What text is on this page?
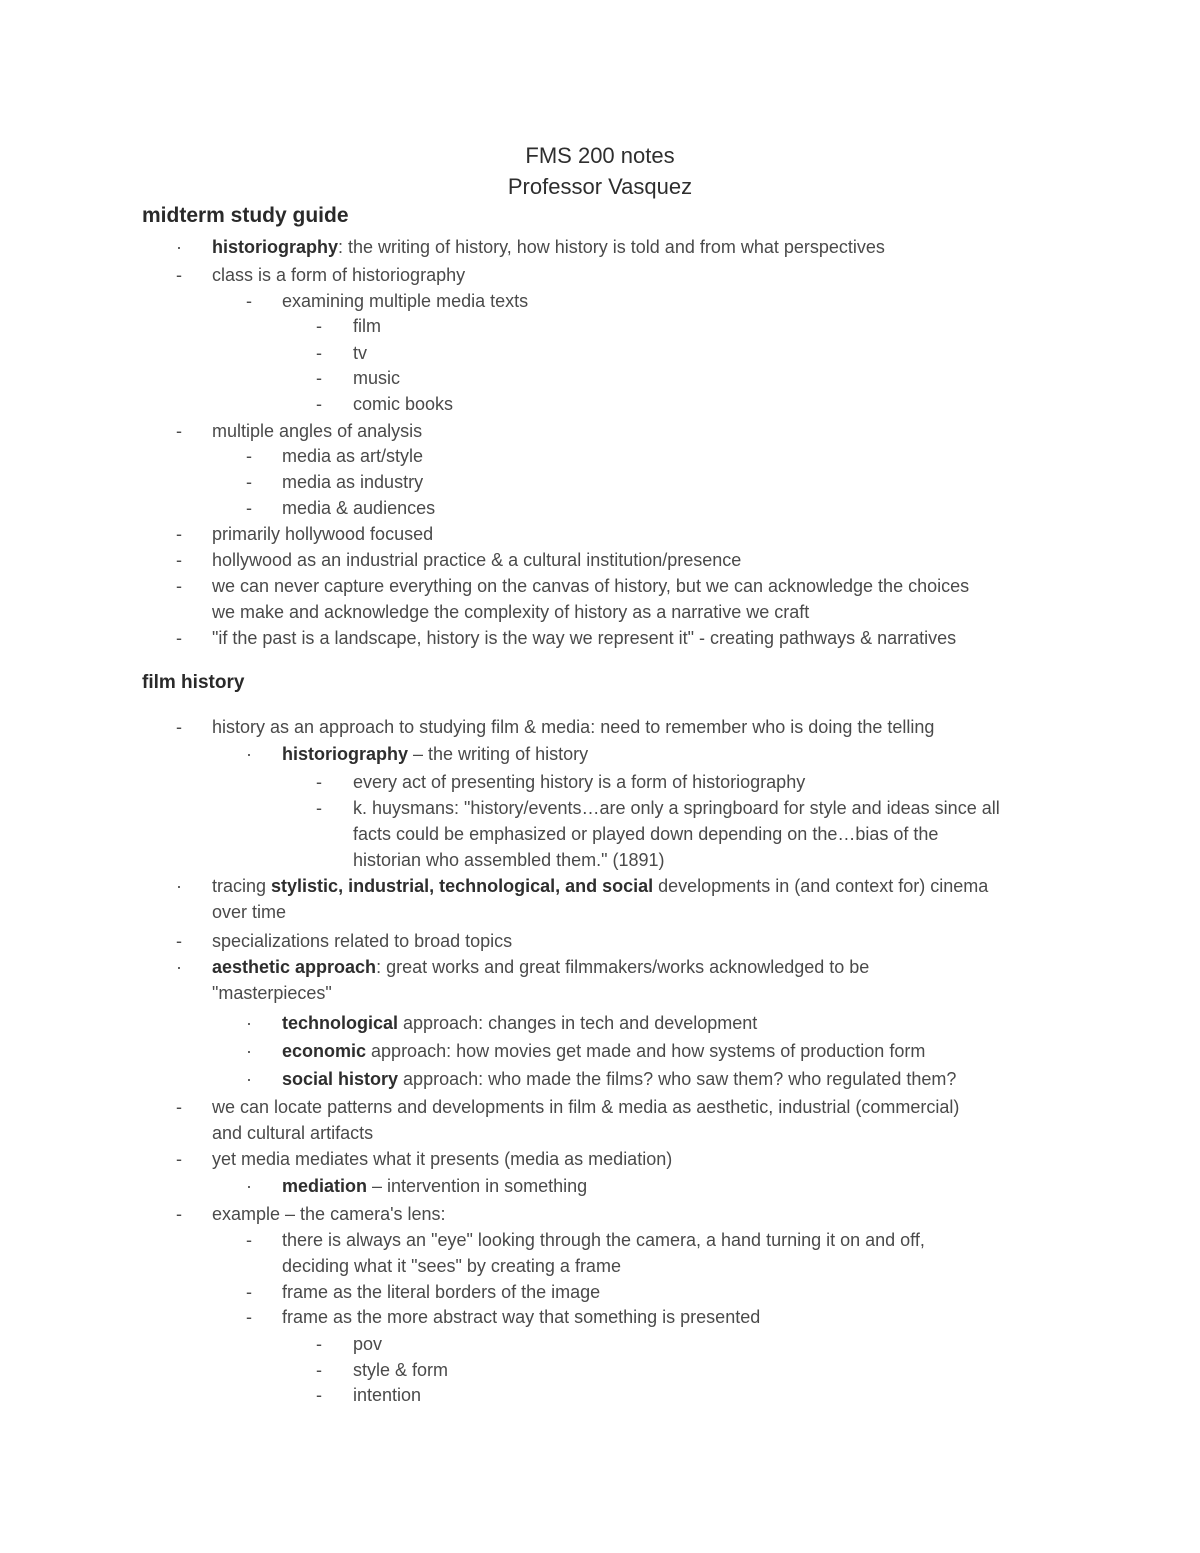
FMS 200 notes
Professor Vasquez
midterm study guide
film history
·	historiography: the writing of history, how history is told and from what perspectives
-	class is a form of historiography
-	examining multiple media texts
-	film
-	tv
-	music
-	comic books
-	multiple angles of analysis
-	media as art/style
-	media as industry
-	media & audiences
-	primarily hollywood focused
-	hollywood as an industrial practice & a cultural institution/presence
-	we can never capture everything on the canvas of history, but we can acknowledge the choices
we make and acknowledge the complexity of history as a narrative we craft
-	"if the past is a landscape, history is the way we represent it" - creating pathways & narratives
-	history as an approach to studying film & media: need to remember who is doing the telling
·	historiography – the writing of history
-	every act of presenting history is a form of historiography
-	k. huysmans: "history/events…are only a springboard for style and ideas since all
facts could be emphasized or played down depending on the…bias of the
historian who assembled them." (1891)
·	tracing stylistic, industrial, technological, and social developments in (and context for) cinema
over time
-	specializations related to broad topics
·	aesthetic approach: great works and great filmmakers/works acknowledged to be
"masterpieces"
·	technological approach: changes in tech and development
·	economic approach: how movies get made and how systems of production form
·	social history approach: who made the films? who saw them? who regulated them?
-	we can locate patterns and developments in film & media as aesthetic, industrial (commercial)
and cultural artifacts
-	yet media mediates what it presents (media as mediation)
·	mediation – intervention in something
-	example – the camera's lens:
-	there is always an "eye" looking through the camera, a hand turning it on and off,
deciding what it "sees" by creating a frame
-	frame as the literal borders of the image
-	frame as the more abstract way that something is presented
-	pov
-	style & form
-	intention
